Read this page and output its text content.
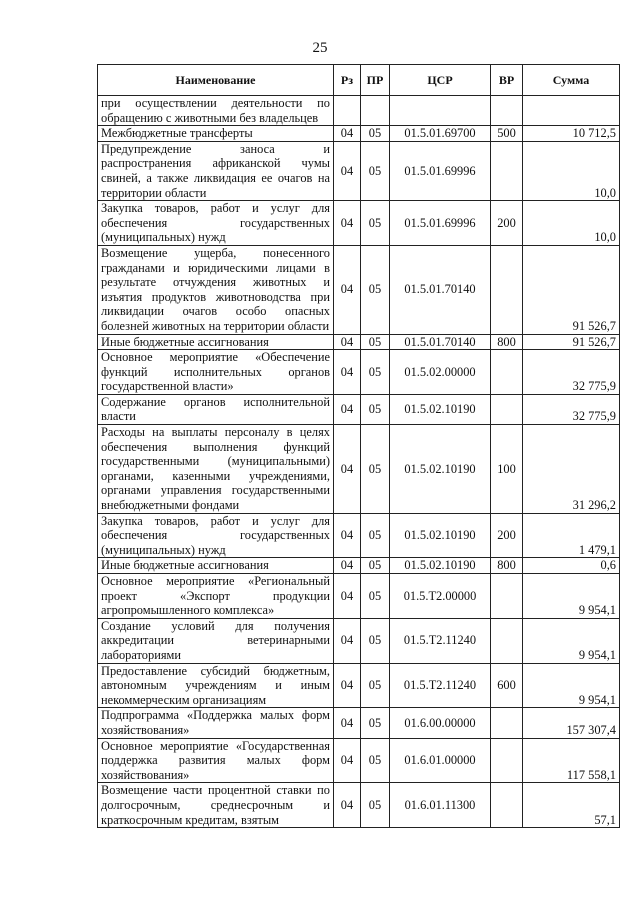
25
Наименование	Рз	ПР	ЦСР	ВР	Сумма
при осуществлении деятельности по обращению с животными без владельцев					
Межбюджетные трансферты	04	05	01.5.01.69700	500	10 712,5
Предупреждение заноса и распространения африканской чумы свиней, а также ликвидация ее очагов на территории области	04	05	01.5.01.69996		10,0
Закупка товаров, работ и услуг для обеспечения государственных (муниципальных) нужд	04	05	01.5.01.69996	200	10,0
Возмещение ущерба, понесенного гражданами и юридическими лицами в результате отчуждения животных и изъятия продуктов животноводства при ликвидации очагов особо опасных болезней животных на территории области	04	05	01.5.01.70140		91 526,7
Иные бюджетные ассигнования	04	05	01.5.01.70140	800	91 526,7
Основное мероприятие «Обеспечение функций исполнительных органов государственной власти»	04	05	01.5.02.00000		32 775,9
Содержание органов исполнительной власти	04	05	01.5.02.10190		32 775,9
Расходы на выплаты персоналу в целях обеспечения выполнения функций государственными (муниципальными) органами, казенными учреждениями, органами управления государственными внебюджетными фондами	04	05	01.5.02.10190	100	31 296,2
Закупка товаров, работ и услуг для обеспечения государственных (муниципальных) нужд	04	05	01.5.02.10190	200	1 479,1
Иные бюджетные ассигнования	04	05	01.5.02.10190	800	0,6
Основное мероприятие «Региональный проект «Экспорт продукции агропромышленного комплекса»	04	05	01.5.T2.00000		9 954,1
Создание условий для получения аккредитации ветеринарными лабораториями	04	05	01.5.T2.11240		9 954,1
Предоставление субсидий бюджетным, автономным учреждениям и иным некоммерческим организациям	04	05	01.5.T2.11240	600	9 954,1
Подпрограмма «Поддержка малых форм хозяйствования»	04	05	01.6.00.00000		157 307,4
Основное мероприятие «Государственная поддержка развития малых форм хозяйствования»	04	05	01.6.01.00000		117 558,1
Возмещение части процентной ставки по долгосрочным, среднесрочным и краткосрочным кредитам, взятым	04	05	01.6.01.11300		57,1
